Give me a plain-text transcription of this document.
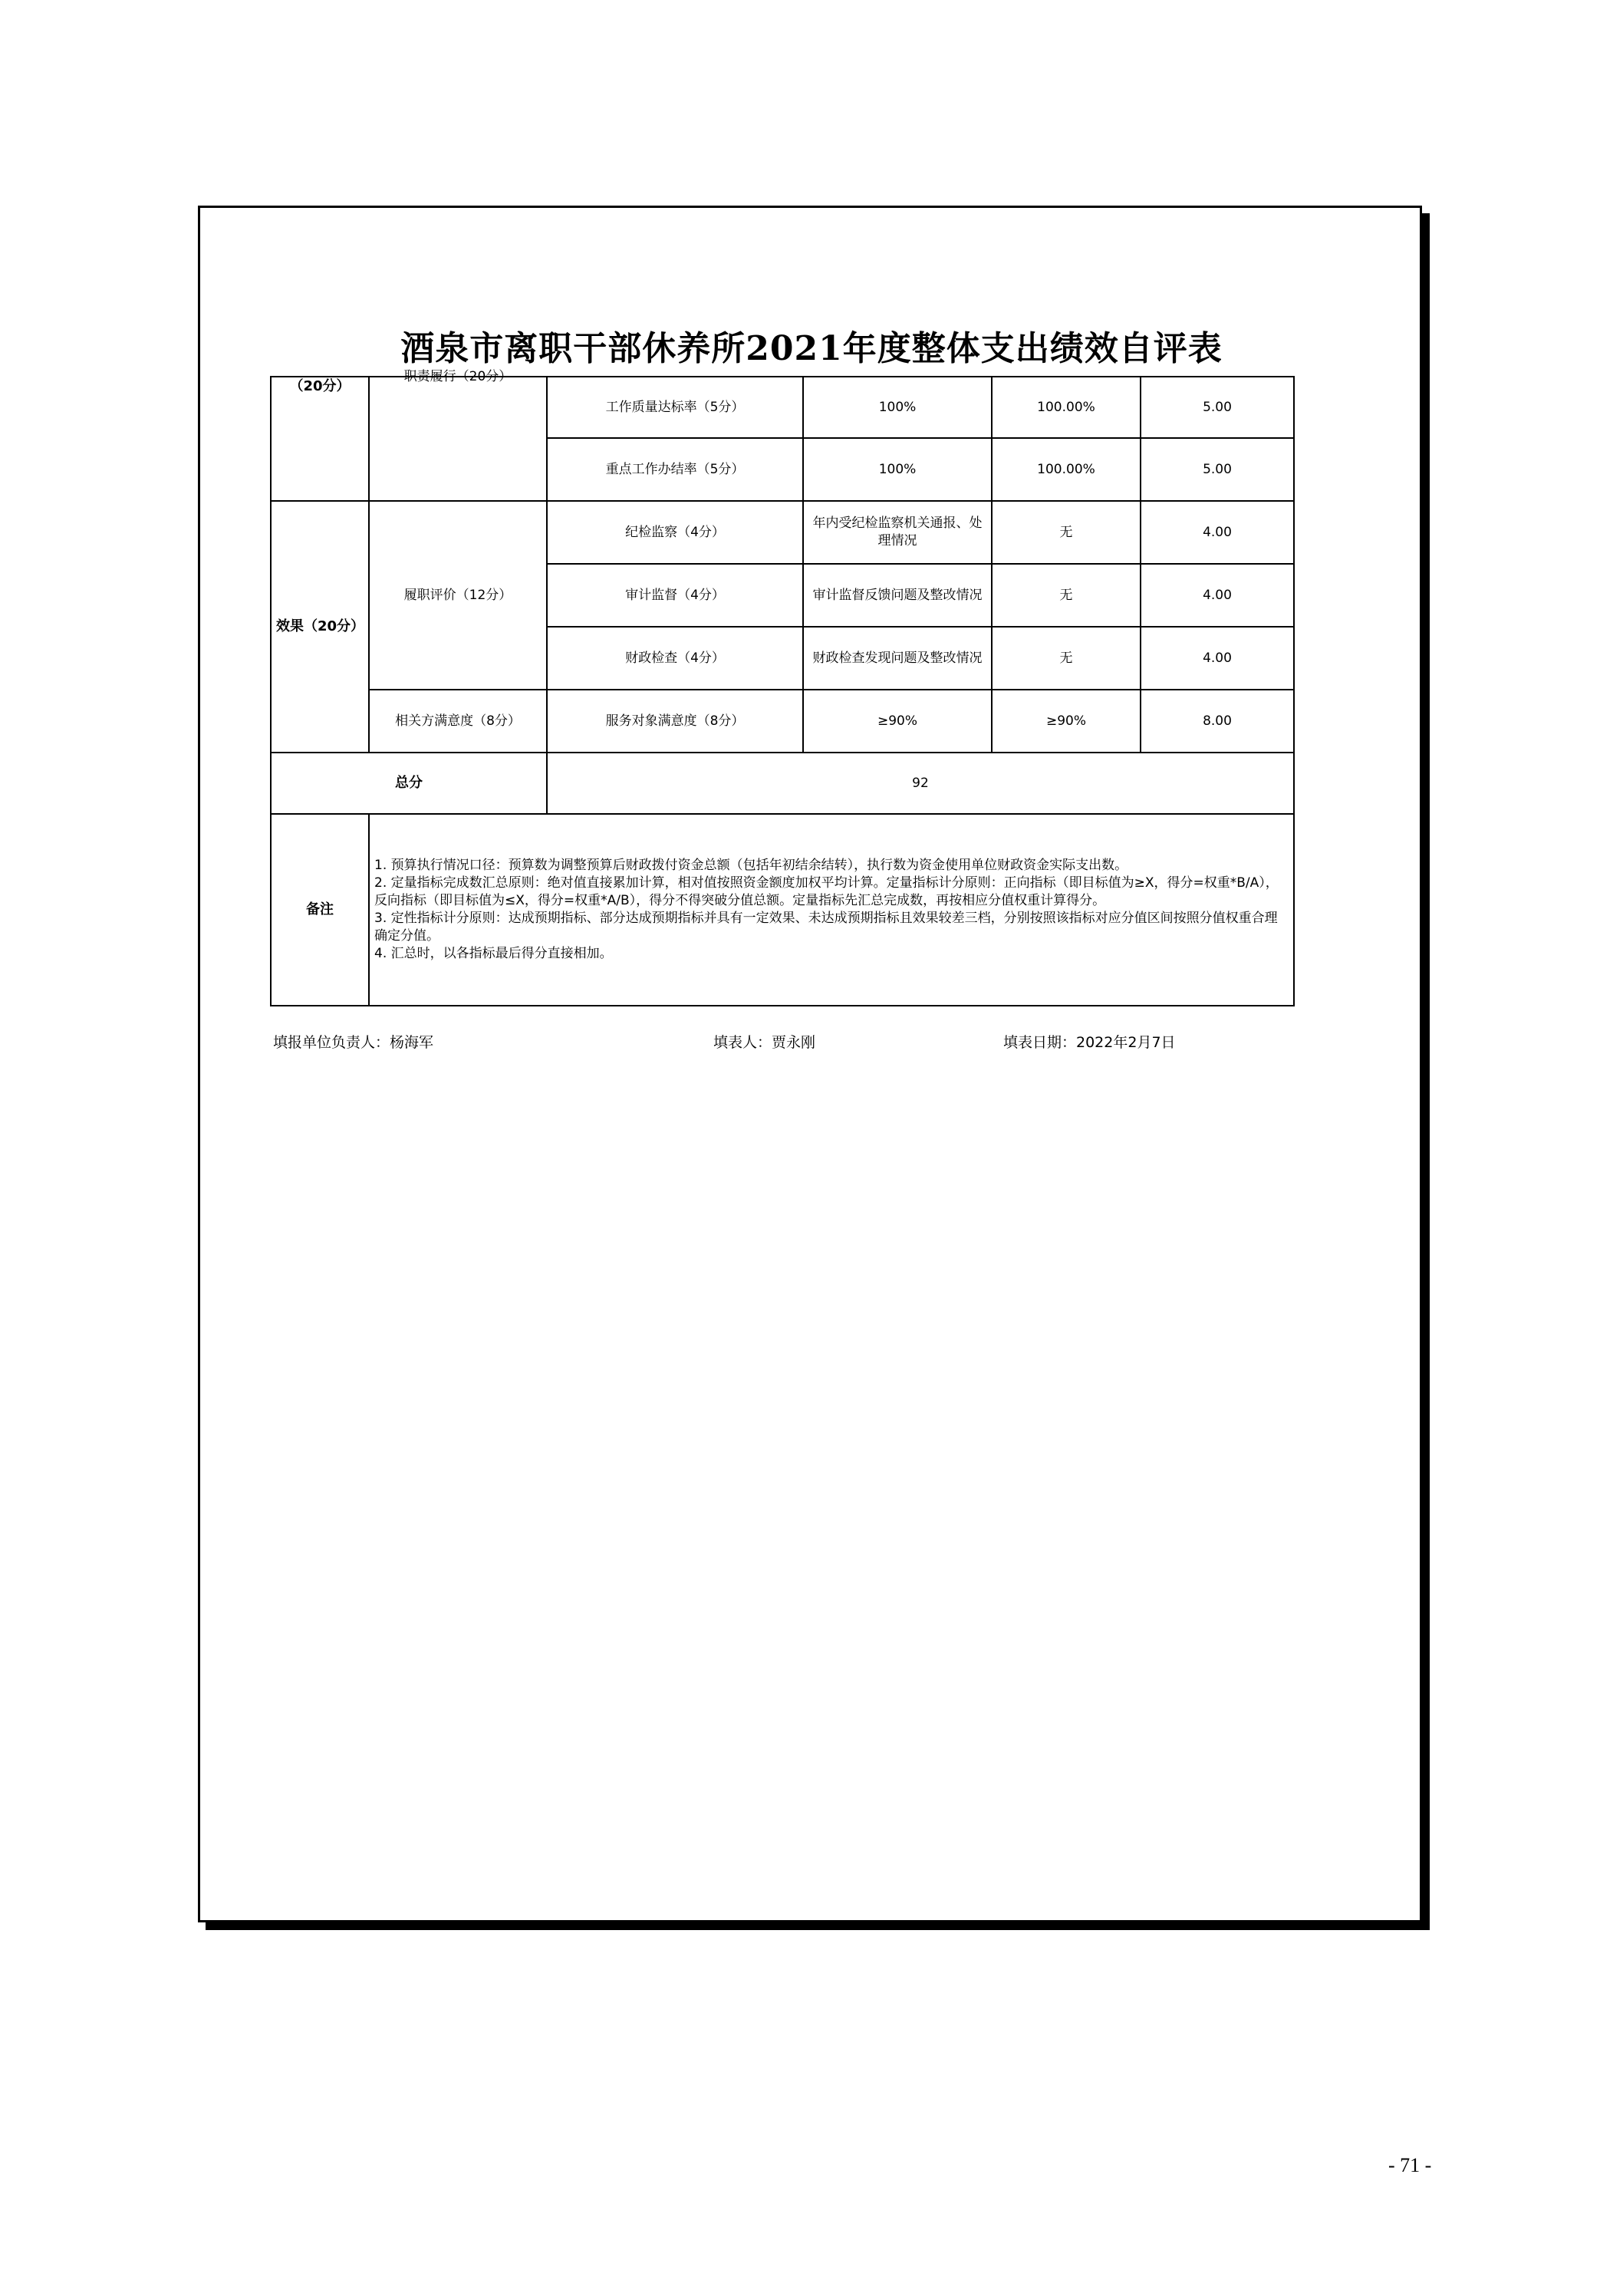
酒泉市离职干部休养所2021年度整体支出绩效自评表
（20分）	职责履行（20分）	工作质量达标率（5分）	100%	100.00%	5.00
		重点工作办结率（5分）	100%	100.00%	5.00
效果（20分）	履职评价（12分）	纪检监察（4分）	年内受纪检监察机关通报、处理情况	无	4.00
		审计监督（4分）	审计监督反馈问题及整改情况	无	4.00
		财政检查（4分）	财政检查发现问题及整改情况	无	4.00
	相关方满意度（8分）	服务对象满意度（8分）	≥90%	≥90%	8.00
总分		92			
备注	1. 预算执行情况口径：预算数为调整预算后财政拨付资金总额（包括年初结余结转），执行数为资金使用单位财政资金实际支出数。
2. 定量指标完成数汇总原则：绝对值直接累加计算，相对值按照资金额度加权平均计算。定量指标计分原则：正向指标（即目标值为≥X，得分=权重*B/A），反向指标（即目标值为≤X，得分=权重*A/B），得分不得突破分值总额。定量指标先汇总完成数，再按相应分值权重计算得分。
3. 定性指标计分原则：达成预期指标、部分达成预期指标并具有一定效果、未达成预期指标且效果较差三档，分别按照该指标对应分值区间按照分值权重合理确定分值。
4. 汇总时，以各指标最后得分直接相加。				
填报单位负责人：杨海军	填表人：贾永刚	填表日期：2022年2月7日
- 71 -
